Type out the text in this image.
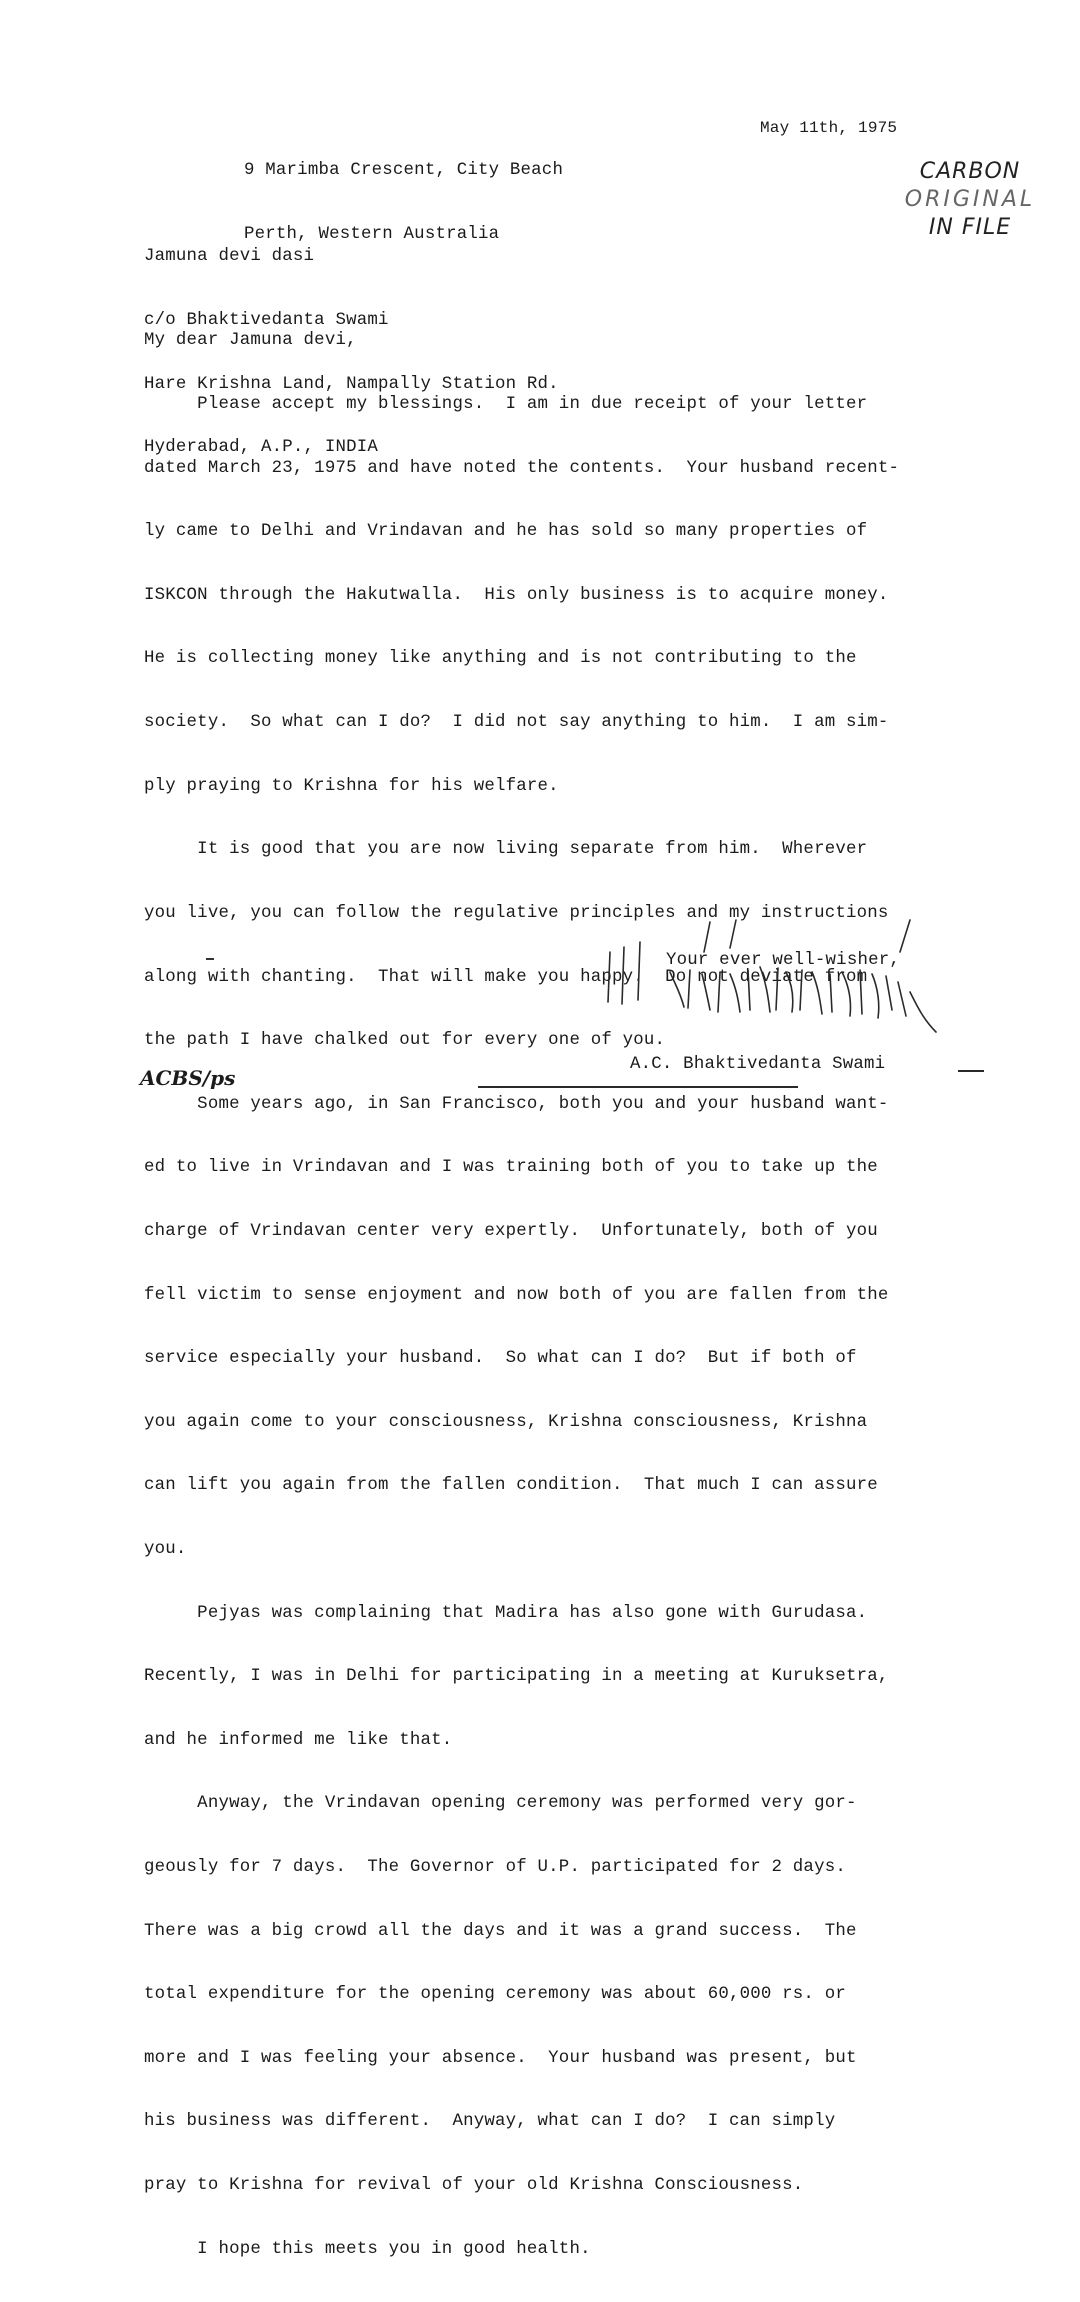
9 Marimba Crescent, City Beach

Perth, Western Australia

May 11th, 1975
CARBON
ORIGINAL
IN FILE

Jamuna devi dasi

c/o Bhaktivedanta Swami

Hare Krishna Land, Nampally Station Rd.

Hyderabad, A.P., INDIA

My dear Jamuna devi,

Please accept my blessings.  I am in due receipt of your letter

dated March 23, 1975 and have noted the contents.  Your husband recent-

ly came to Delhi and Vrindavan and he has sold so many properties of

ISKCON through the Hakutwalla.  His only business is to acquire money.

He is collecting money like anything and is not contributing to the

society.  So what can I do?  I did not say anything to him.  I am sim-

ply praying to Krishna for his welfare.

It is good that you are now living separate from him.  Wherever

you live, you can follow the regulative principles and my instructions

along with chanting.  That will make you happy.  Do not deviate from

the path I have chalked out for every one of you.

Some years ago, in San Francisco, both you and your husband want-

ed to live in Vrindavan and I was training both of you to take up the

charge of Vrindavan center very expertly.  Unfortunately, both of you

fell victim to sense enjoyment and now both of you are fallen from the

service especially your husband.  So what can I do?  But if both of

you again come to your consciousness, Krishna consciousness, Krishna

can lift you again from the fallen condition.  That much I can assure

you.

Pejyas was complaining that Madira has also gone with Gurudasa.

Recently, I was in Delhi for participating in a meeting at Kuruksetra,

and he informed me like that.

Anyway, the Vrindavan opening ceremony was performed very gor-

geously for 7 days.  The Governor of U.P. participated for 2 days.

There was a big crowd all the days and it was a grand success.  The

total expenditure for the opening ceremony was about 60,000 rs. or

more and I was feeling your absence.  Your husband was present, but

his business was different.  Anyway, what can I do?  I can simply

pray to Krishna for revival of your old Krishna Consciousness.

I hope this meets you in good health.

Your ever well-wisher,
A.C. Bhaktivedanta Swami
ACBS/ps
